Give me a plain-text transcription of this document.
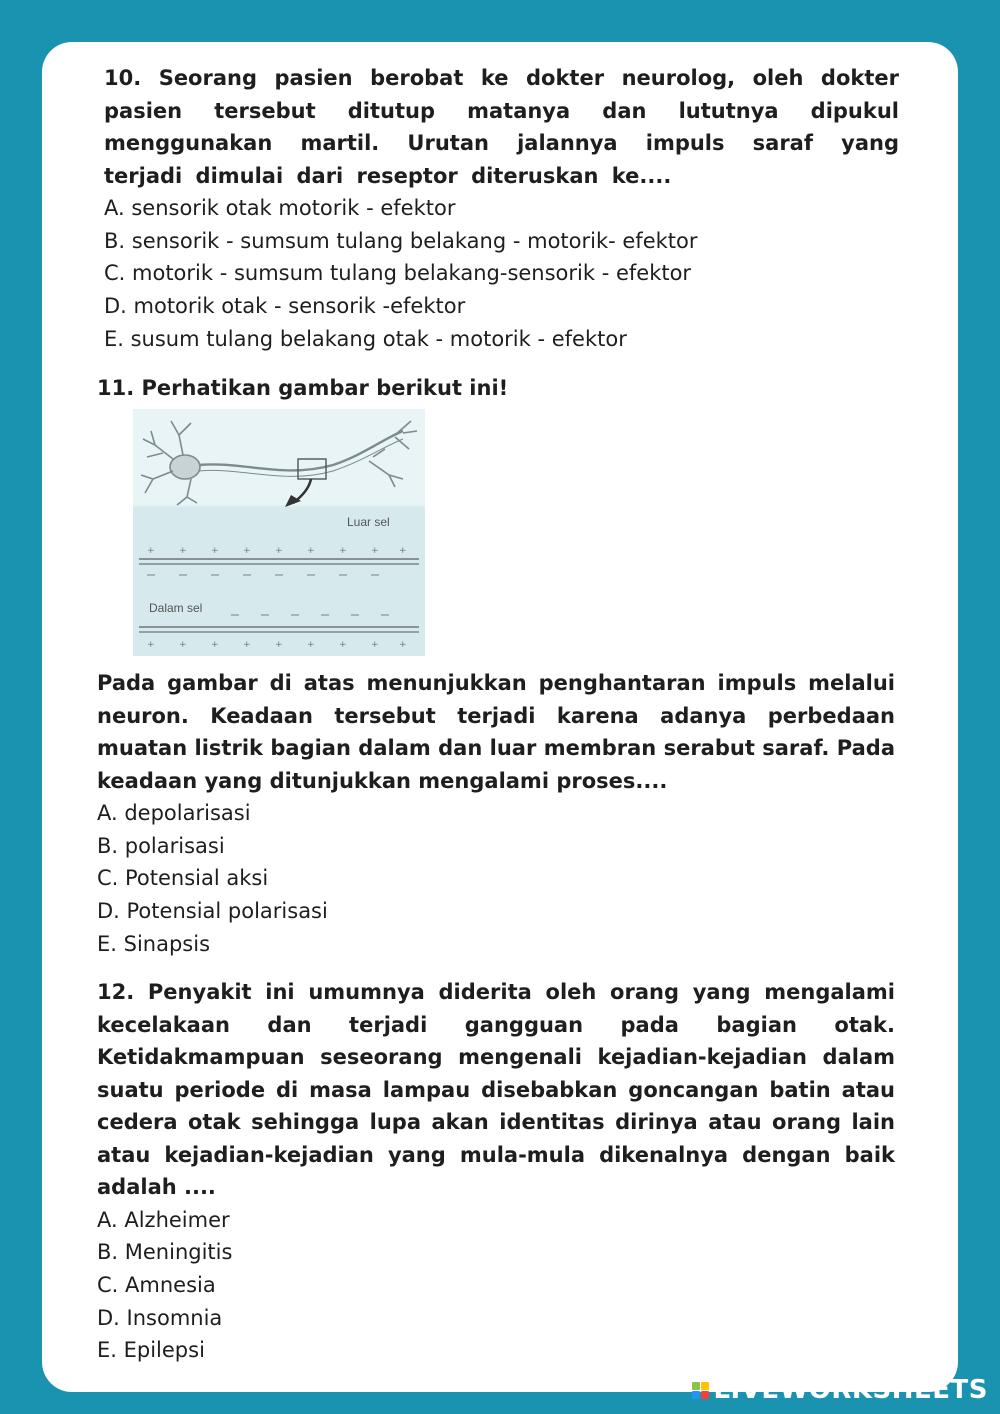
10. Seorang pasien berobat ke dokter neurolog, oleh dokter pasien tersebut ditutup matanya dan lututnya dipukul menggunakan martil. Urutan jalannya impuls saraf yang terjadi dimulai dari reseptor diteruskan ke....

A. sensorik otak motorik - efektor

B. sensorik - sumsum tulang belakang - motorik- efektor

C. motorik - sumsum tulang belakang-sensorik - efektor

D. motorik otak - sensorik -efektor

E. susum tulang belakang otak - motorik - efektor

11. Perhatikan gambar berikut ini!

Luar sel
+	+	+	+	+	+	+	+ +
Dalam sel
+	+	+	+	+	+	+	+ +

Pada gambar di atas menunjukkan penghantaran impuls melalui neuron. Keadaan tersebut terjadi karena adanya perbedaan muatan listrik bagian dalam dan luar membran serabut saraf. Pada keadaan yang ditunjukkan mengalami proses....

A. depolarisasi

B. polarisasi

C. Potensial aksi

D. Potensial polarisasi

E. Sinapsis

12. Penyakit ini umumnya diderita oleh orang yang mengalami kecelakaan dan terjadi gangguan pada bagian otak. Ketidakmampuan seseorang mengenali kejadian-kejadian dalam suatu periode di masa lampau disebabkan goncangan batin atau cedera otak sehingga lupa akan identitas dirinya atau orang lain atau kejadian-kejadian yang mula-mula dikenalnya dengan baik adalah ....

A. Alzheimer

B. Meningitis

C. Amnesia

D. Insomnia

E. Epilepsi

LIVEWORKSHEETS
